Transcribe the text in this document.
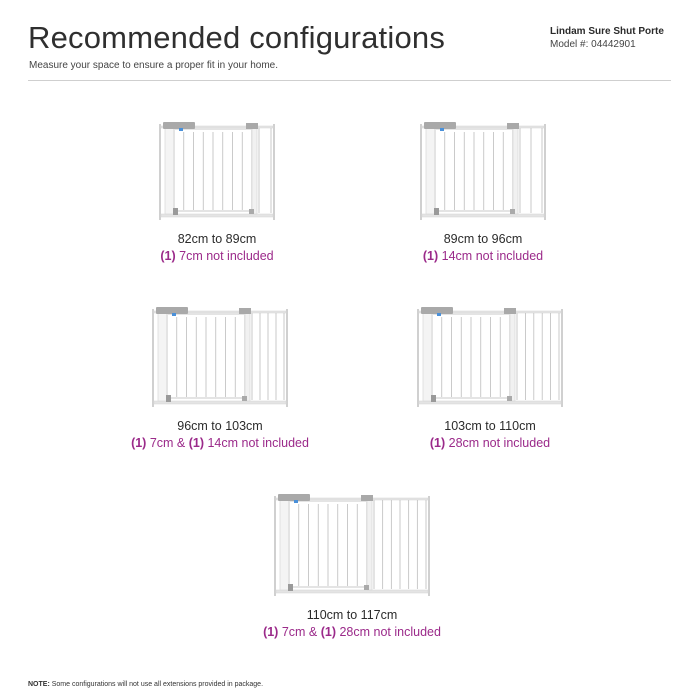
Recommended configurations
Measure your space to ensure a proper fit in your home.
Lindam Sure Shut Porte
Model #: 04442901
82cm to 89cm
(1) 7cm not included
89cm to 96cm
(1) 14cm not included
96cm to 103cm
(1) 7cm & (1) 14cm not included
103cm to 110cm
(1) 28cm not included
110cm to 117cm
(1) 7cm & (1) 28cm not included
NOTE: Some configurations will not use all extensions provided in package.
